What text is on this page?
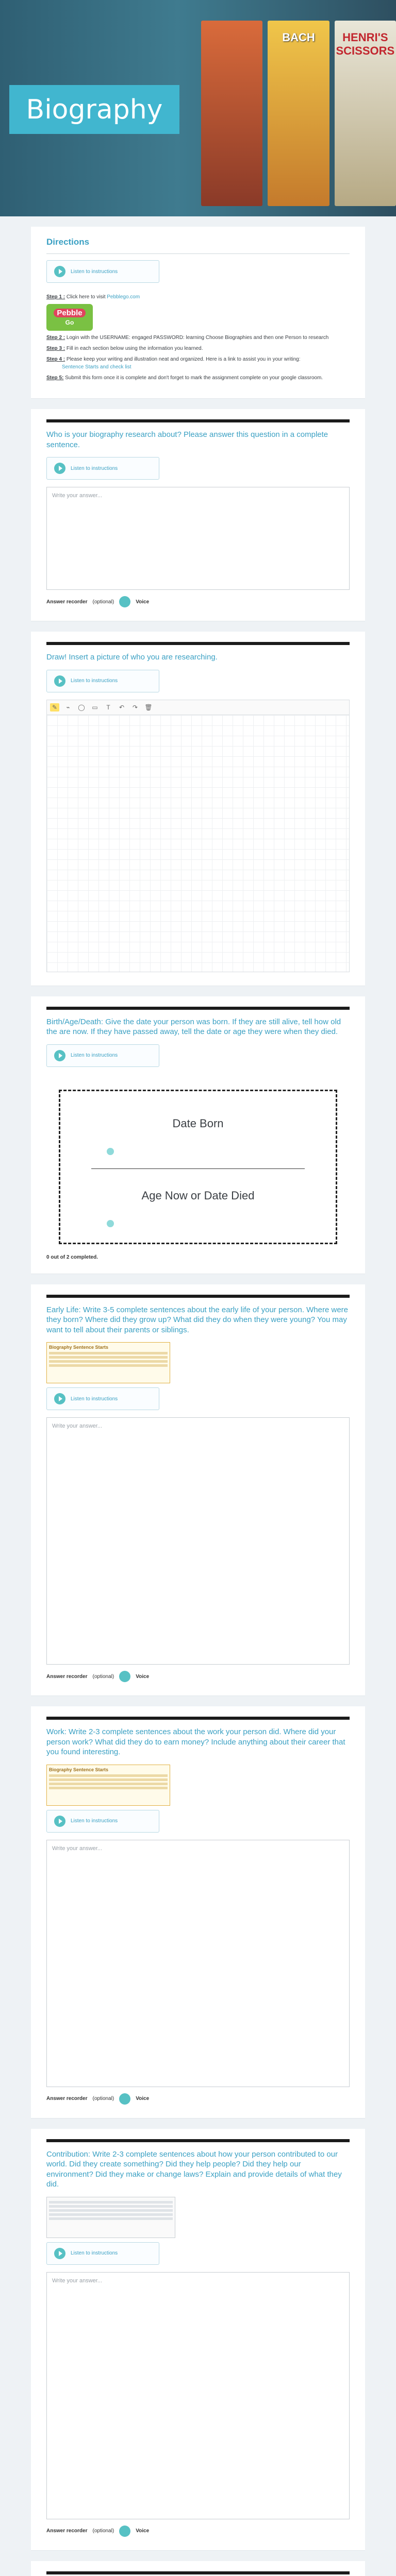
Biography
BACH	HENRI'S SCISSORS
Directions
Listen to instructions
Step 1 : Click here to visit Pebblego.com
Pebble
Go
Step 2 : Login with the USERNAME: engaged PASSWORD: learning Choose Biographies and then one Person to research
Step 3 : Fill in each section below using the information you learned.
Step 4 : Please keep your writing and illustration neat and organized. Here is a link to assist you in your writing:
Sentence Starts and check list
Step 5: Submit this form once it is complete and don't forget to mark the assignment complete on your google classroom.

Who is your biography research about? Please answer this question in a complete sentence.

Listen to instructions
Write your answer...
Answer recorder (optional)	Voice

Draw! Insert a picture of who you are researching.

Listen to instructions
✎	⌁	◯ ▭	T	↶	↷	🗑

Birth/Age/Death: Give the date your person was born. If they are still alive, tell how old the are now. If they have passed away, tell the date or age they were when they died.

Listen to instructions
Date Born
Age Now or Date Died
0 out of 2 completed.

Early Life: Write 3-5 complete sentences about the early life of your person. Where were they born? Where did they grow up? What did they do when they were young? You may want to tell about their parents or siblings.

Biography Sentence Starts
Listen to instructions
Write your answer...
Answer recorder (optional)	Voice

Work: Write 2-3 complete sentences about the work your person did. Where did your person work? What did they do to earn money? Include anything about their career that you found interesting.

Biography Sentence Starts
Listen to instructions
Write your answer...
Answer recorder (optional)	Voice

Contribution: Write 2-3 complete sentences about how your person contributed to our world. Did they create something? Did they help people? Did they help our environment? Did they make or change laws? Explain and provide details of what they did.

Listen to instructions
Write your answer...
Answer recorder (optional)	Voice
